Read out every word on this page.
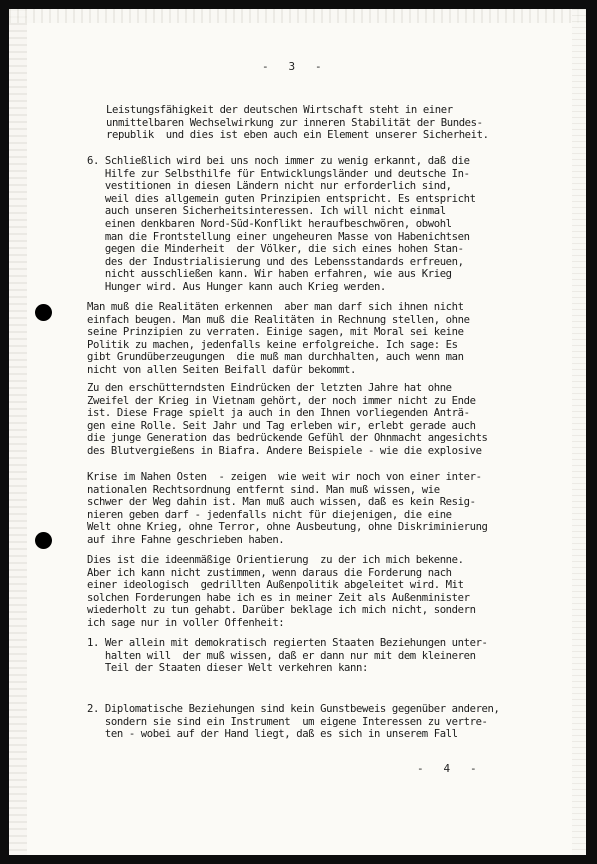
-   3   -

Leistungsfähigkeit der deutschen Wirtschaft steht in einer
unmittelbaren Wechselwirkung zur inneren Stabilität der Bundes-
republik  und dies ist eben auch ein Element unserer Sicherheit.

6. Schließlich wird bei uns noch immer zu wenig erkannt, daß die
Hilfe zur Selbsthilfe für Entwicklungsländer und deutsche In-
vestitionen in diesen Ländern nicht nur erforderlich sind,
weil dies allgemein guten Prinzipien entspricht. Es entspricht
auch unseren Sicherheitsinteressen. Ich will nicht einmal
einen denkbaren Nord-Süd-Konflikt heraufbeschwören, obwohl
man die Frontstellung einer ungeheuren Masse von Habenichtsen
gegen die Minderheit  der Völker, die sich eines hohen Stan-
des der Industrialisierung und des Lebensstandards erfreuen,
nicht ausschließen kann. Wir haben erfahren, wie aus Krieg
Hunger wird. Aus Hunger kann auch Krieg werden.

Man muß die Realitäten erkennen  aber man darf sich ihnen nicht
einfach beugen. Man muß die Realitäten in Rechnung stellen, ohne
seine Prinzipien zu verraten. Einige sagen, mit Moral sei keine
Politik zu machen, jedenfalls keine erfolgreiche. Ich sage: Es
gibt Grundüberzeugungen  die muß man durchhalten, auch wenn man
nicht von allen Seiten Beifall dafür bekommt.

Zu den erschütterndsten Eindrücken der letzten Jahre hat ohne
Zweifel der Krieg in Vietnam gehört, der noch immer nicht zu Ende
ist. Diese Frage spielt ja auch in den Ihnen vorliegenden Anträ-
gen eine Rolle. Seit Jahr und Tag erleben wir, erlebt gerade auch
die junge Generation das bedrückende Gefühl der Ohnmacht angesichts
des Blutvergießens in Biafra. Andere Beispiele - wie die explosive

Krise im Nahen Osten  - zeigen  wie weit wir noch von einer inter-
nationalen Rechtsordnung entfernt sind. Man muß wissen, wie
schwer der Weg dahin ist. Man muß auch wissen, daß es kein Resig-
nieren geben darf - jedenfalls nicht für diejenigen, die eine
Welt ohne Krieg, ohne Terror, ohne Ausbeutung, ohne Diskriminierung
auf ihre Fahne geschrieben haben.

Dies ist die ideenmäßige Orientierung  zu der ich mich bekenne.
Aber ich kann nicht zustimmen, wenn daraus die Forderung nach
einer ideologisch  gedrillten Außenpolitik abgeleitet wird. Mit
solchen Forderungen habe ich es in meiner Zeit als Außenminister
wiederholt zu tun gehabt. Darüber beklage ich mich nicht, sondern
ich sage nur in voller Offenheit:

1. Wer allein mit demokratisch regierten Staaten Beziehungen unter-
halten will  der muß wissen, daß er dann nur mit dem kleineren
Teil der Staaten dieser Welt verkehren kann:

2. Diplomatische Beziehungen sind kein Gunstbeweis gegenüber anderen,
sondern sie sind ein Instrument  um eigene Interessen zu vertre-
ten - wobei auf der Hand liegt, daß es sich in unserem Fall

-   4   -
